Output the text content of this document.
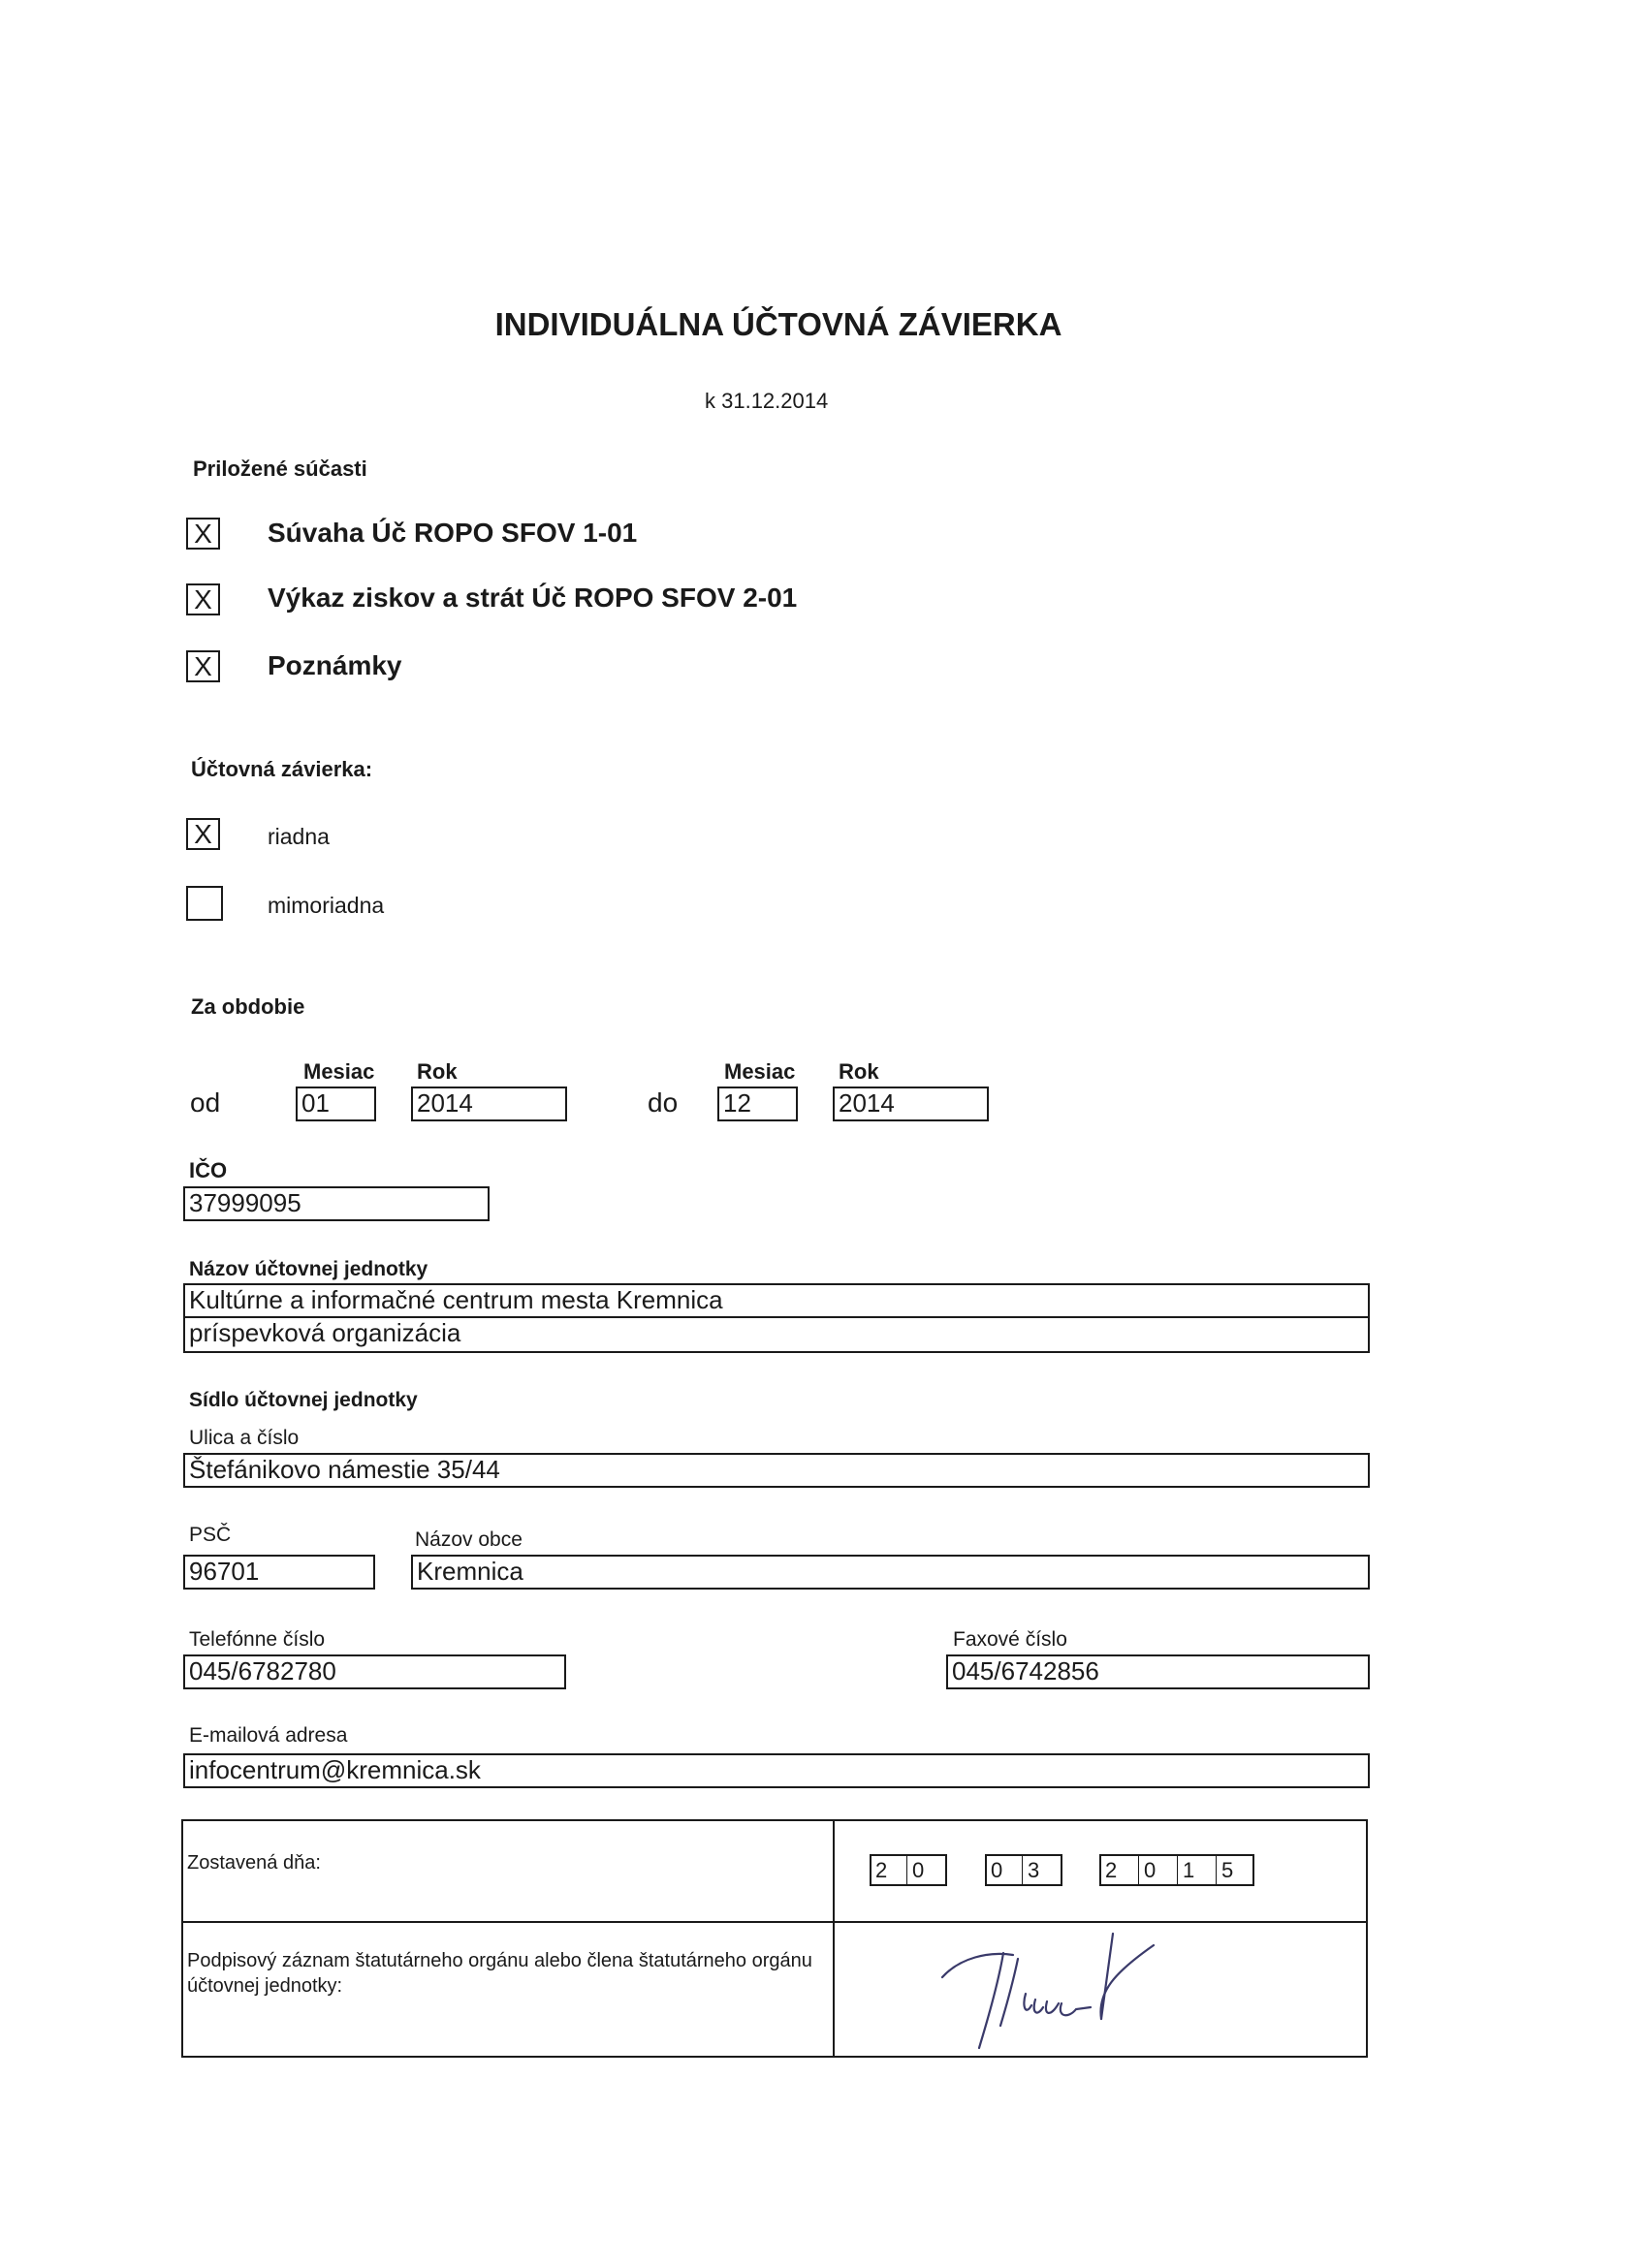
INDIVIDUÁLNA ÚČTOVNÁ ZÁVIERKA
k 31.12.2014
Priložené súčasti
X Súvaha Úč ROPO SFOV 1-01
X Výkaz ziskov a strát Úč ROPO SFOV 2-01
X Poznámky
Účtovná závierka:
X	riadna
mimoriadna
Za obdobie
Mesiac Rok	Mesiac Rok
od	01	2014	do 12	2014
IČO
37999095
Názov účtovnej jednotky
Kultúrne a informačné centrum mesta Kremnica
príspevková organizácia
Sídlo účtovnej jednotky
Ulica a číslo
Štefánikovo námestie 35/44
PSČ
96701
Názov obce
Kremnica
Telefónne číslo
045/6782780
Faxové číslo
045/6742856
E-mailová adresa
infocentrum@kremnica.sk
Zostavená dňa:	2 0	0 3	2 0 1 5
Podpisový záznam štatutárneho orgánu alebo člena štatutárneho orgánu účtovnej jednotky:
